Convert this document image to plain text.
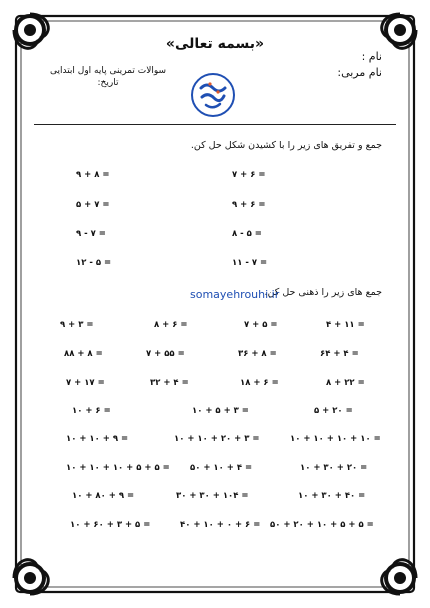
«بسمه تعالی»
نام :
نام مربی:
سوالات تمرینی پایه اول ابتدایی
تاریخ:
جمع و تفریق های زیر را با کشیدن شکل حل کن.
۷ + ۶ =
۹ + ۶ =
۸ - ۵ =
۱۱ - ۷ =
۹ + ۸ =
۵ + ۷ =
۹ - ۷ =
۱۲ - ۵ =
جمع های زیر را ذهنی حل کن.
somayehrouhi.ir
۴ + ۱۱ =
۷ + ۵ =
۸ + ۶ =
۹ + ۳ =
۶۴ + ۴ =
۳۶ + ۸ =
۷ + ۵۵ =
۸۸ + ۸ =
۸ + ۲۲ =
۱۸ + ۶ =
۳۲ + ۴ =
۷ + ۱۷ =
۵ + ۲۰ =
۱۰ + ۵ + ۳ =
۱۰ + ۶ =
۱۰ + ۱۰ + ۱۰ + ۱۰ =
۱۰ + ۱۰ + ۲۰ + ۳ =
۱۰ + ۱۰ + ۹ =
۱۰ + ۳۰ + ۲۰ =
۵۰ + ۱۰ + ۴ =
۱۰ + ۱۰ + ۱۰ + ۵ + ۵ =
۱۰ + ۳۰ + ۴۰ =
۳۰ + ۳۰ + ۱۰۴ =
۱۰ + ۸۰ + ۹ =
۵۰ + ۲۰ + ۱۰ + ۵ + ۵ =
۴۰ + ۱۰ + ۰ + ۶ =
۱۰ + ۶۰ + ۳ + ۵ =
